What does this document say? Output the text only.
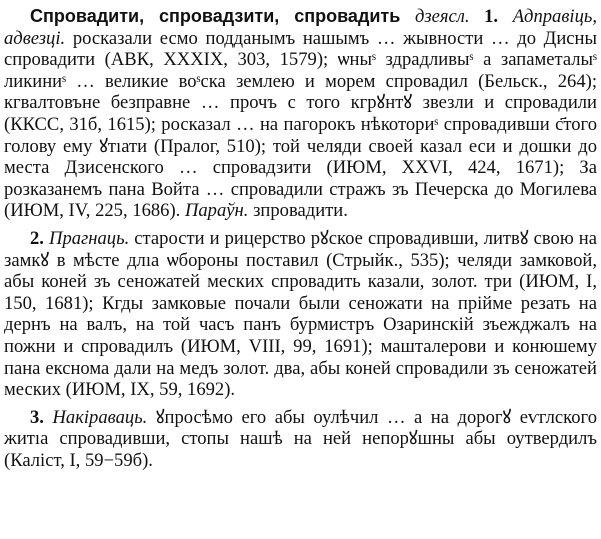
Спровадити, спровадзити, спровадить дзеясл. 1. Адправіць, адвезці. росказали есмо подданымъ нашымъ … жывности … до Дисны спровадити (АВК, XXXIX, 303, 1579); ѡныˢ здрадливыˢ а запаметалыˢ ликиниˢ … великие воˢска землею и морем спровадил (Бельск., 264); кгвалтовъне безправне … прочъ с того кгрꙋнтꙋ звезли и спровадили (ККСС, 31б, 1615); росказал … на пагорокъ нѣкоториˢ спровадивши с҃того голову ему ꙋтıати (Пралог, 510); той челяди своей казал еси и дошки до места Дзисенского … спровадзити (ИЮМ, XXVI, 424, 1671); За розказанемъ пана Войта … спровадили стражъ зъ Печерска до Могилева (ИЮМ, IV, 225, 1686). Параўн. зпровадити.

2. Прагнаць. старости и рицерство рꙋское спровадивши, литвꙋ свою на замкꙋ в мѣсте длıа ѡбороны поставил (Стрыйк., 535); челяди замковой, абы коней зъ сеножатей меских спровадить казали, золот. три (ИЮМ, I, 150, 1681); Кгды замковые почали были сеножати на прійме резать на дернъ на валъ, на той часъ панъ бурмистръ Озаринскій зъежджалъ на пожни и спровадилъ (ИЮМ, VIII, 99, 1691); машталерови и конюшему пана екснома дали на медъ золот. два, абы коней спровадили зъ сеножатей меских (ИЮМ, IX, 59, 1692).

3. Накіраваць. ꙋпросѣмо его абы оулѣчил … а на дорогꙋ еѵглского житıа спровадивши, стопы нашѣ на ней непорꙋшны абы оутвердилъ (Каліст, I, 59−59б).
